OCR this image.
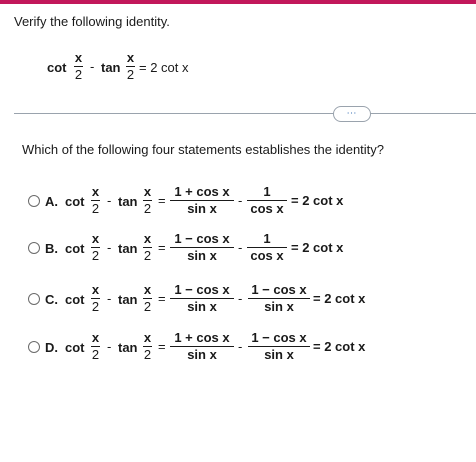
Verify the following identity.
cot
x
2
- tan
x
2 = 2 cot x
⋯
Which of the following four statements establishes the identity?
A. cot
x
2
- tan
x
2
=
1 + cos x
sin x
-
1
cos x
= 2 cot x
B. cot
x
2
- tan
x
2
=
1 − cos x
sin x
-
1
cos x
= 2 cot x
C. cot
x
2
- tan
x
2
=
1 − cos x
sin x
-
1 − cos x
sin x
= 2 cot x
D. cot
x
2
- tan
x
2
=
1 + cos x
sin x
-
1 − cos x
sin x
= 2 cot x
